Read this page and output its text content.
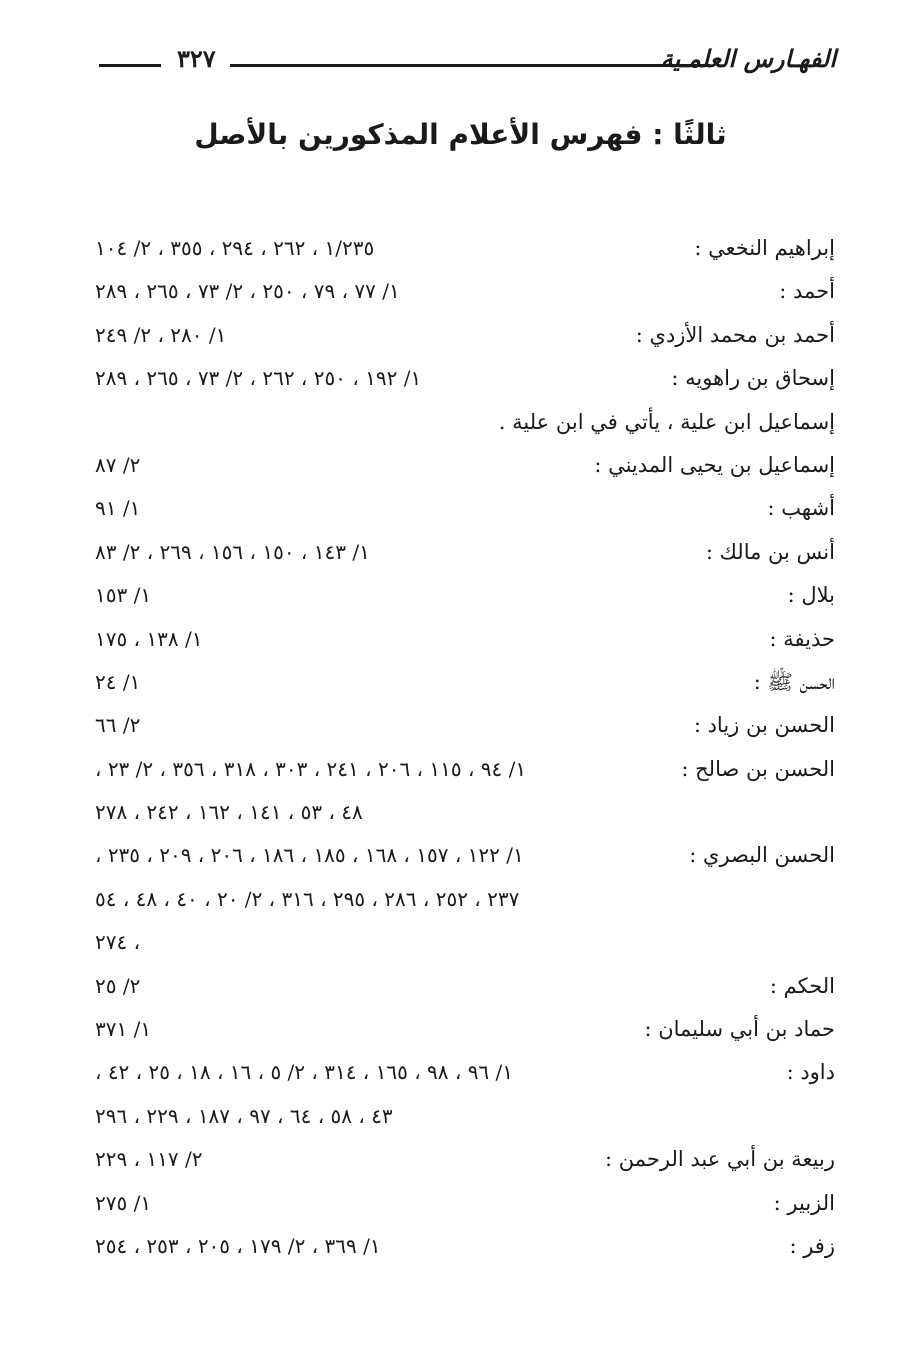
٣٢٧	الفهـارس العلمـية
ثالثًا : فهرس الأعلام المذكورين بالأصل
إبراهيم النخعي :
١/٢٣٥ ، ٢٦٢ ، ٢٩٤ ، ٣٥٥ ، ٢/ ١٠٤
أحمد :
١/ ٧٧ ، ٧٩ ، ٢٥٠ ، ٢/ ٧٣ ، ٢٦٥ ، ٢٨٩
أحمد بن محمد الأزدي :
١/ ٢٨٠ ، ٢/ ٢٤٩
إسحاق بن راهويه :
١/ ١٩٢ ، ٢٥٠ ، ٢٦٢ ، ٢/ ٧٣ ، ٢٦٥ ، ٢٨٩
إسماعيل ابن علية ، يأتي في ابن علية .
إسماعيل بن يحيى المديني :
٢/ ٨٧
أشهب :
١/ ٩١
أنس بن مالك :
١/ ١٤٣ ، ١٥٠ ، ١٥٦ ، ٢٦٩ ، ٢/ ٨٣
بلال :
١/ ١٥٣
حذيفة :
١/ ١٣٨ ، ١٧٥
الحسن ﷺ :
١/ ٢٤
الحسن بن زياد :
٢/ ٦٦
الحسن بن صالح :
١/ ٩٤ ، ١١٥ ، ٢٠٦ ، ٢٤١ ، ٣٠٣ ، ٣١٨ ، ٣٥٦ ، ٢/ ٢٣ ،
٤٨ ، ٥٣ ، ١٤١ ، ١٦٢ ، ٢٤٢ ، ٢٧٨
الحسن البصري :
١/ ١٢٢ ، ١٥٧ ، ١٦٨ ، ١٨٥ ، ١٨٦ ، ٢٠٦ ، ٢٠٩ ، ٢٣٥ ،
٢٣٧ ، ٢٥٢ ، ٢٨٦ ، ٢٩٥ ، ٣١٦ ، ٢/ ٢٠ ، ٤٠ ، ٤٨ ، ٥٤
، ٢٧٤
الحكم :
٢/ ٢٥
حماد بن أبي سليمان :
١/ ٣٧١
داود :
١/ ٩٦ ، ٩٨ ، ١٦٥ ، ٣١٤ ، ٢/ ٥ ، ١٦ ، ١٨ ، ٢٥ ، ٤٢ ،
٤٣ ، ٥٨ ، ٦٤ ، ٩٧ ، ١٨٧ ، ٢٢٩ ، ٢٩٦
ربيعة بن أبي عبد الرحمن :
٢/ ١١٧ ، ٢٢٩
الزبير :
١/ ٢٧٥
زفر :
١/ ٣٦٩ ، ٢/ ١٧٩ ، ٢٠٥ ، ٢٥٣ ، ٢٥٤
